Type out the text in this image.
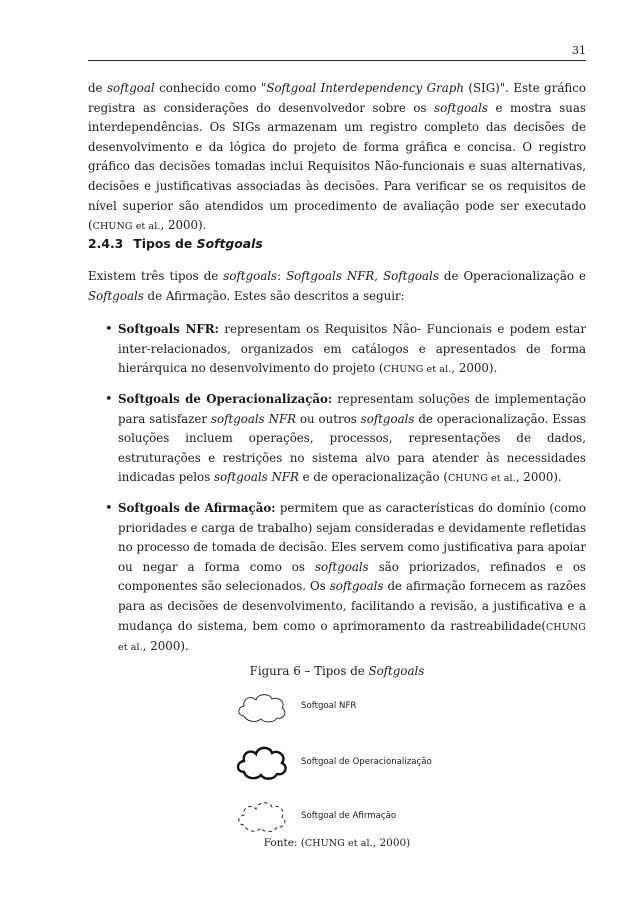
31

de softgoal conhecido como "Softgoal Interdependency Graph (SIG)". Este gráfico registra as considerações do desenvolvedor sobre os softgoals e mostra suas interdependências. Os SIGs armazenam um registro completo das decisões de desenvolvimento e da lógica do projeto de forma gráfica e concisa. O registro gráfico das decisões tomadas inclui Requisitos Não-funcionais e suas alternativas, decisões e justificativas associadas às decisões. Para verificar se os requisitos de nível superior são atendidos um procedimento de avaliação pode ser executado (CHUNG et al., 2000).

2.4.3 Tipos de Softgoals
Existem três tipos de softgoals: Softgoals NFR, Softgoals de Operacionalização e Softgoals de Afirmação. Estes são descritos a seguir:
• Softgoals NFR: representam os Requisitos Não- Funcionais e podem estar inter-relacionados, organizados em catálogos e apresentados de forma hierárquica no desenvolvimento do projeto (CHUNG et al., 2000).
• Softgoals de Operacionalização: representam soluções de implementação para satisfazer softgoals NFR ou outros softgoals de operacionalização. Essas soluções incluem operações, processos, representações de dados, estruturações e restrições no sistema alvo para atender às necessidades indicadas pelos softgoals NFR e de operacionalização (CHUNG et al., 2000).
• Softgoals de Afirmação: permitem que as características do domínio (como prioridades e carga de trabalho) sejam consideradas e devidamente refletidas no processo de tomada de decisão. Eles servem como justificativa para apoiar ou negar a forma como os softgoals são priorizados, refinados e os componentes são selecionados. Os softgoals de afirmação fornecem as razões para as decisões de desenvolvimento, facilitando a revisão, a justificativa e a mudança do sistema, bem como o aprimoramento da rastreabilidade(CHUNG et al., 2000).
Figura 6 – Tipos de Softgoals
Softgoal NFR
Softgoal de Operacionalização
Softgoal de Afirmação
Fonte: (CHUNG et al., 2000)
